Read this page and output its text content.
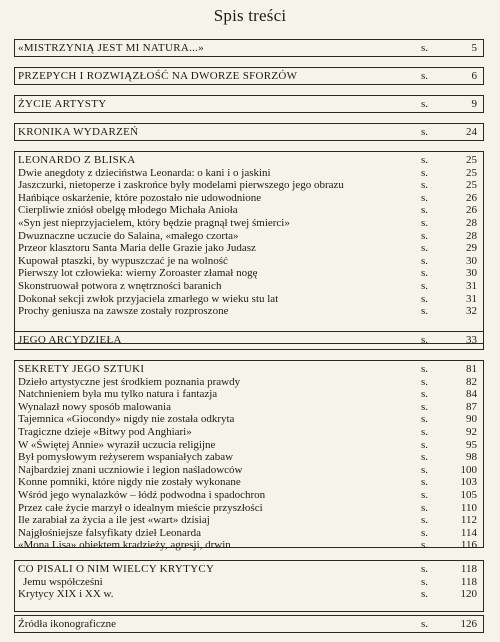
Spis treści
«MISTRZYNIĄ JEST MI NATURA...»	s.	5
PRZEPYCH I ROZWIĄZŁOŚĆ NA DWORZE SFORZÓW	s.	6
ŻYCIE ARTYSTY	s.	9
KRONIKA WYDARZEŃ	s.	24
LEONARDO Z BLISKA	s.	25
Dwie anegdoty z dzieciństwa Leonarda: o kani i o jaskini	s.	25
Jaszczurki, nietoperze i zaskrońce były modelami pierwszego jego obrazu	s.	25
Hańbiące oskarżenie, które pozostało nie udowodnione	s.	26
Cierpliwie zniósł obelgę młodego Michała Anioła	s.	26
«Syn jest nieprzyjacielem, który będzie pragnął twej śmierci»	s.	28
Dwuznaczne uczucie do Salaina, «małego czorta»	s.	28
Przeor klasztoru Santa Maria delle Grazie jako Judasz	s.	29
Kupował ptaszki, by wypuszczać je na wolność	s.	30
Pierwszy lot człowieka: wierny Zoroaster złamał nogę	s.	30
Skonstruował potwora z wnętrzności baranich	s.	31
Dokonał sekcji zwłok przyjaciela zmarłego w wieku stu lat	s.	31
Prochy geniusza na zawsze zostały rozproszone	s.	32
JEGO ARCYDZIEŁA	s.	33
SEKRETY JEGO SZTUKI	s.	81
Dzieło artystyczne jest środkiem poznania prawdy	s.	82
Natchnieniem była mu tylko natura i fantazja	s.	84
Wynalazł nowy sposób malowania	s.	87
Tajemnica «Giocondy» nigdy nie została odkryta	s.	90
Tragiczne dzieje «Bitwy pod Anghiari»	s.	92
W «Świętej Annie» wyraził uczucia religijne	s.	95
Był pomysłowym reżyserem wspaniałych zabaw	s.	98
Najbardziej znani uczniowie i legion naśladowców	s.	100
Konne pomniki, które nigdy nie zostały wykonane	s.	103
Wśród jego wynalazków – łódź podwodna i spadochron	s.	105
Przez całe życie marzył o idealnym mieście przyszłości	s.	110
Ile zarabiał za życia a ile jest «wart» dzisiaj	s.	112
Najgłośniejsze falsyfikaty dzieł Leonarda	s.	114
«Mona Lisa» obiektem kradzieży, agresji, drwin	s.	116
CO PISALI O NIM WIELCY KRYTYCY	s.	118
Jemu współcześni	s.	118
Krytycy XIX i XX w.	s.	120
Źródła ikonograficzne	s.	126
